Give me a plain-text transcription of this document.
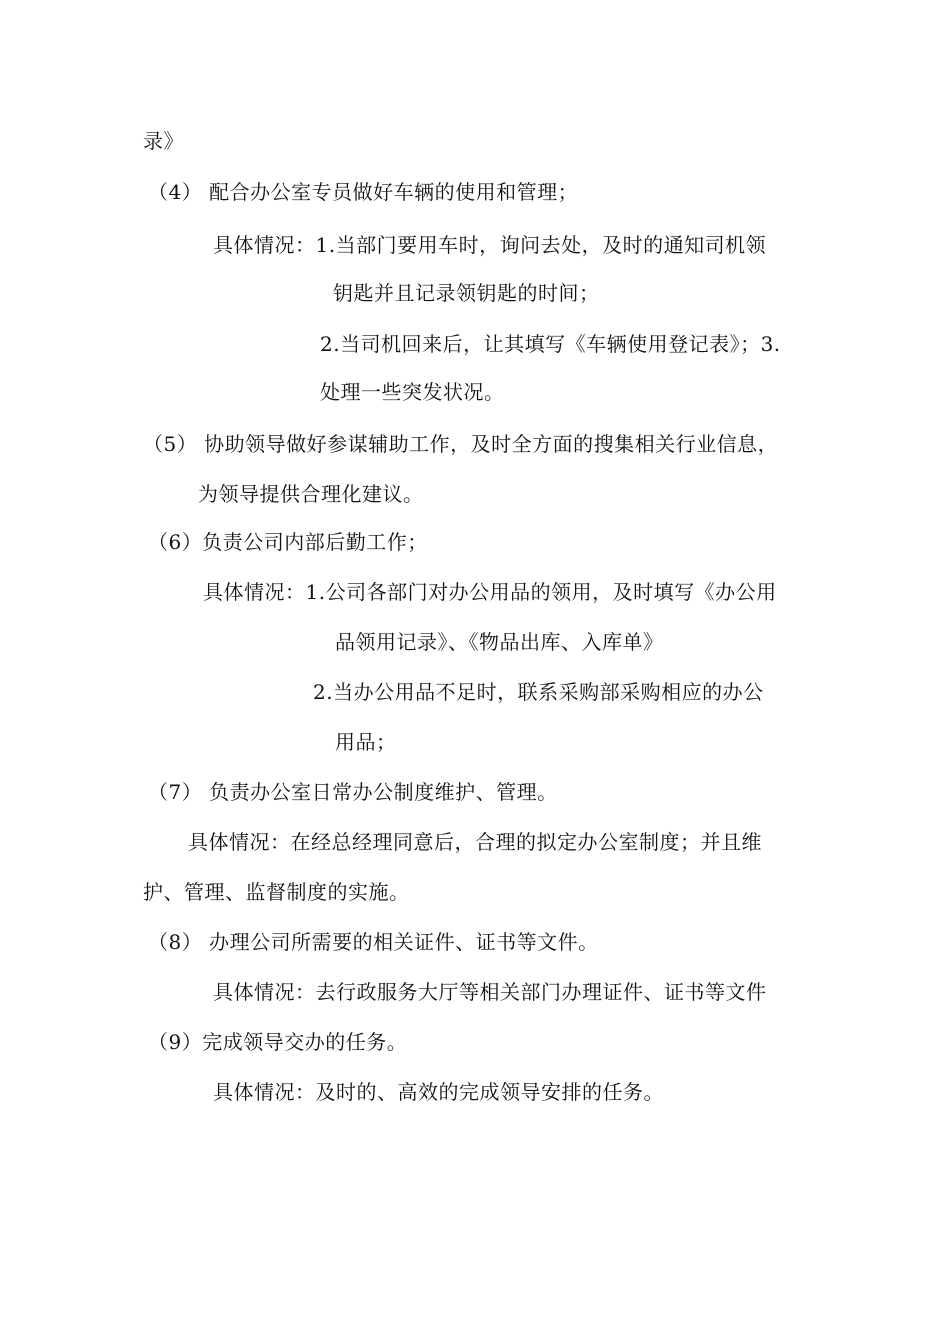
录》
（4） 配合办公室专员做好车辆的使用和管理；
具体情况：1.当部门要用车时，询问去处，及时的通知司机领
钥匙并且记录领钥匙的时间；
2.当司机回来后，让其填写《车辆使用登记表》；3.
处理一些突发状况。
（5） 协助领导做好参谋辅助工作，及时全方面的搜集相关行业信息，
为领导提供合理化建议。
（6）负责公司内部后勤工作；
具体情况：1.公司各部门对办公用品的领用，及时填写《办公用
品领用记录》、《物品出库、入库单》
2.当办公用品不足时，联系采购部采购相应的办公
用品；
（7） 负责办公室日常办公制度维护、管理。
具体情况：在经总经理同意后，合理的拟定办公室制度；并且维
护、管理、监督制度的实施。
（8） 办理公司所需要的相关证件、证书等文件。
具体情况：去行政服务大厅等相关部门办理证件、证书等文件
（9）完成领导交办的任务。
具体情况：及时的、高效的完成领导安排的任务。
